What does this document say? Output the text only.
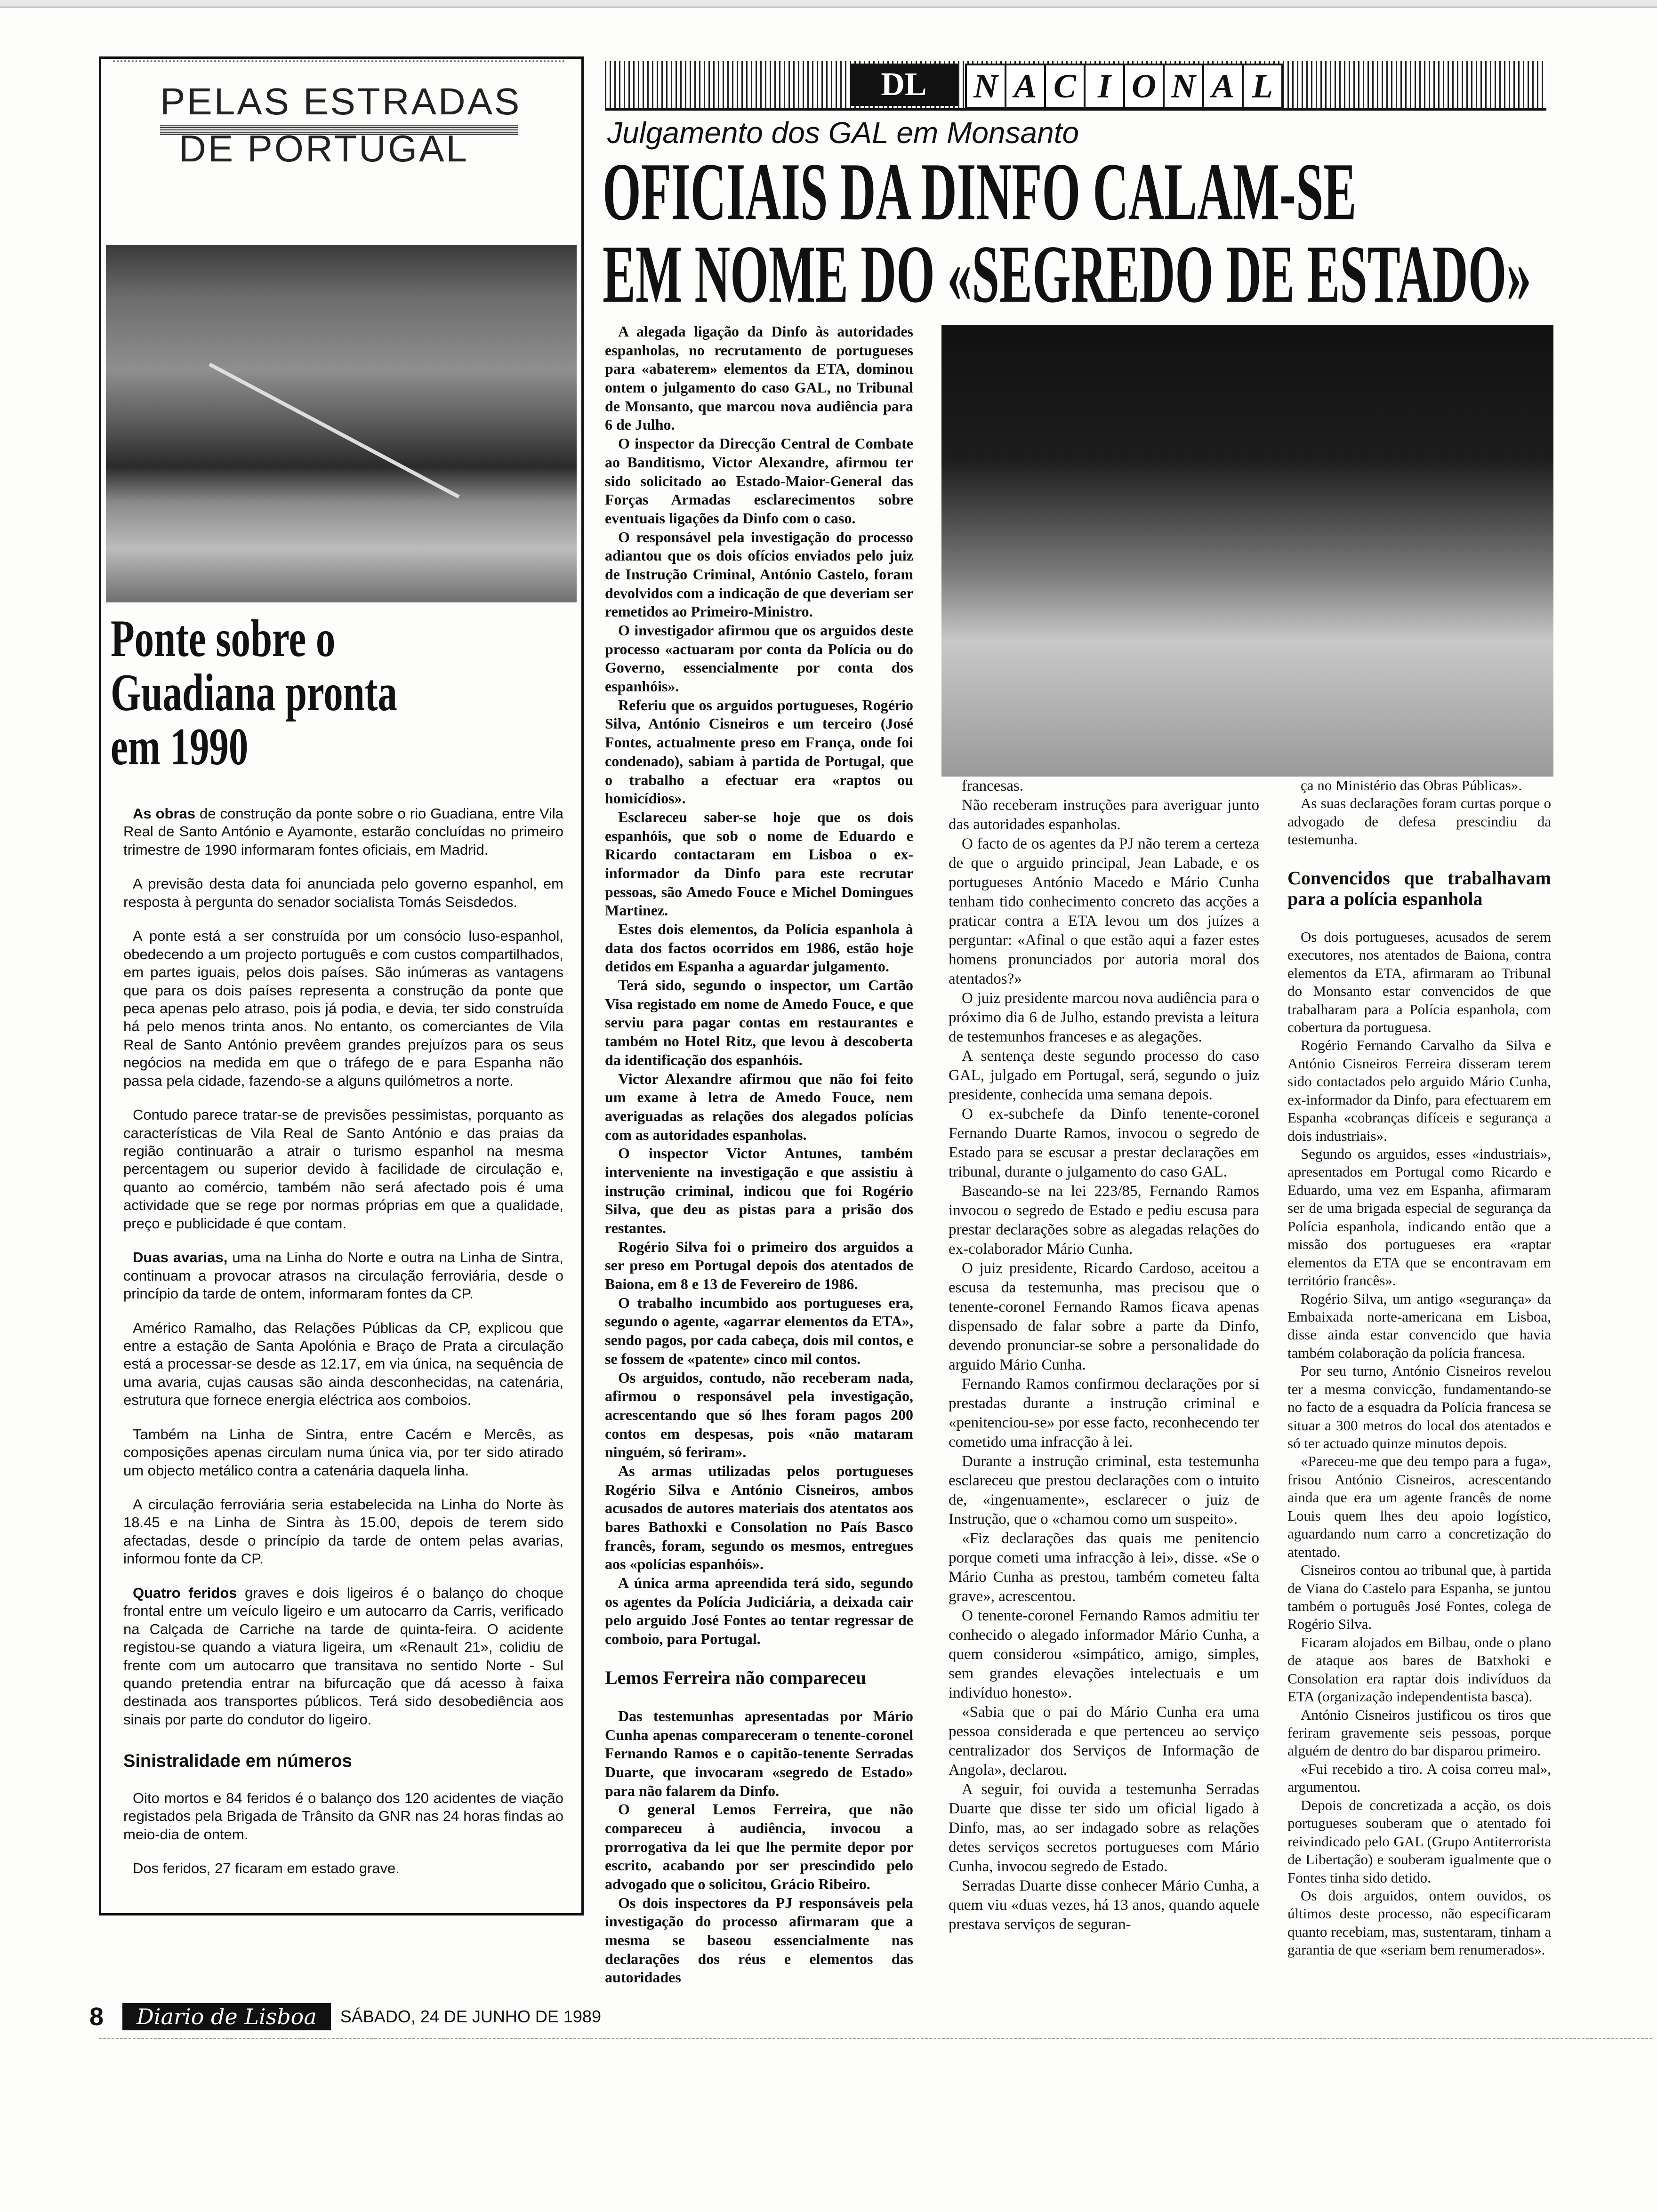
PELAS ESTRADAS
DE PORTUGAL
Ponte sobre o Guadiana pronta em 1990

As obras de construção da ponte sobre o rio Guadiana, entre Vila Real de Santo António e Ayamonte, estarão concluídas no primeiro trimestre de 1990 informaram fontes oficiais, em Madrid.

A previsão desta data foi anunciada pelo governo espanhol, em resposta à pergunta do senador socialista Tomás Seisdedos.

A ponte está a ser construída por um consócio luso-espanhol, obedecendo a um projecto português e com custos compartilhados, em partes iguais, pelos dois países. São inúmeras as vantagens que para os dois países representa a construção da ponte que peca apenas pelo atraso, pois já podia, e devia, ter sido construída há pelo menos trinta anos. No entanto, os comerciantes de Vila Real de Santo António prevêem grandes prejuízos para os seus negócios na medida em que o tráfego de e para Espanha não passa pela cidade, fazendo-se a alguns quilómetros a norte.

Contudo parece tratar-se de previsões pessimistas, porquanto as características de Vila Real de Santo António e das praias da região continuarão a atrair o turismo espanhol na mesma percentagem ou superior devido à facilidade de circulação e, quanto ao comércio, também não será afectado pois é uma actividade que se rege por normas próprias em que a qualidade, preço e publicidade é que contam.

Duas avarias, uma na Linha do Norte e outra na Linha de Sintra, continuam a provocar atrasos na circulação ferroviária, desde o princípio da tarde de ontem, informaram fontes da CP.

Américo Ramalho, das Relações Públicas da CP, explicou que entre a estação de Santa Apolónia e Braço de Prata a circulação está a processar-se desde as 12.17, em via única, na sequência de uma avaria, cujas causas são ainda desconhecidas, na catenária, estrutura que fornece energia eléctrica aos comboios.

Também na Linha de Sintra, entre Cacém e Mercês, as composições apenas circulam numa única via, por ter sido atirado um objecto metálico contra a catenária daquela linha.

A circulação ferroviária seria estabelecida na Linha do Norte às 18.45 e na Linha de Sintra às 15.00, depois de terem sido afectadas, desde o princípio da tarde de ontem pelas avarias, informou fonte da CP.

Quatro feridos graves e dois ligeiros é o balanço do choque frontal entre um veículo ligeiro e um autocarro da Carris, verificado na Calçada de Carriche na tarde de quinta-feira. O acidente registou-se quando a viatura ligeira, um «Renault 21», colidiu de frente com um autocarro que transitava no sentido Norte - Sul quando pretendia entrar na bifurcação que dá acesso à faixa destinada aos transportes públicos. Terá sido desobediência aos sinais por parte do condutor do ligeiro.

Sinistralidade em números

Oito mortos e 84 feridos é o balanço dos 120 acidentes de viação registados pela Brigada de Trânsito da GNR nas 24 horas findas ao meio-dia de ontem.

Dos feridos, 27 ficaram em estado grave.

DL	N A C I O N A L
Julgamento dos GAL em Monsanto
OFICIAIS DA DINFO CALAM-SE
EM NOME DO «SEGREDO DE ESTADO»

A alegada ligação da Dinfo às autoridades espanholas, no recrutamento de portugueses para «abaterem» elementos da ETA, dominou ontem o julgamento do caso GAL, no Tribunal de Monsanto, que marcou nova audiência para 6 de Julho.

O inspector da Direcção Central de Combate ao Banditismo, Victor Alexandre, afirmou ter sido solicitado ao Estado-Maior-General das Forças Armadas esclarecimentos sobre eventuais ligações da Dinfo com o caso.

O responsável pela investigação do processo adiantou que os dois ofícios enviados pelo juiz de Instrução Criminal, António Castelo, foram devolvidos com a indicação de que deveriam ser remetidos ao Primeiro-Ministro.

O investigador afirmou que os arguidos deste processo «actuaram por conta da Polícia ou do Governo, essencialmente por conta dos espanhóis».

Referiu que os arguidos portugueses, Rogério Silva, António Cisneiros e um terceiro (José Fontes, actualmente preso em França, onde foi condenado), sabiam à partida de Portugal, que o trabalho a efectuar era «raptos ou homicídios».

Esclareceu saber-se hoje que os dois espanhóis, que sob o nome de Eduardo e Ricardo contactaram em Lisboa o ex-informador da Dinfo para este recrutar pessoas, são Amedo Fouce e Michel Domingues Martinez.

Estes dois elementos, da Polícia espanhola à data dos factos ocorridos em 1986, estão hoje detidos em Espanha a aguardar julgamento.

Terá sido, segundo o inspector, um Cartão Visa registado em nome de Amedo Fouce, e que serviu para pagar contas em restaurantes e também no Hotel Ritz, que levou à descoberta da identificação dos espanhóis.

Victor Alexandre afirmou que não foi feito um exame à letra de Amedo Fouce, nem averiguadas as relações dos alegados polícias com as autoridades espanholas.

O inspector Victor Antunes, também interveniente na investigação e que assistiu à instrução criminal, indicou que foi Rogério Silva, que deu as pistas para a prisão dos restantes.

Rogério Silva foi o primeiro dos arguidos a ser preso em Portugal depois dos atentados de Baiona, em 8 e 13 de Fevereiro de 1986.

O trabalho incumbido aos portugueses era, segundo o agente, «agarrar elementos da ETA», sendo pagos, por cada cabeça, dois mil contos, e se fossem de «patente» cinco mil contos.

Os arguidos, contudo, não receberam nada, afirmou o responsável pela investigação, acrescentando que só lhes foram pagos 200 contos em despesas, pois «não mataram ninguém, só feriram».

As armas utilizadas pelos portugueses Rogério Silva e António Cisneiros, ambos acusados de autores materiais dos atentatos aos bares Bathoxki e Consolation no País Basco francês, foram, segundo os mesmos, entregues aos «polícias espanhóis».

A única arma apreendida terá sido, segundo os agentes da Polícia Judiciária, a deixada cair pelo arguido José Fontes ao tentar regressar de comboio, para Portugal.

Lemos Ferreira não compareceu

Das testemunhas apresentadas por Mário Cunha apenas compareceram o tenente-coronel Fernando Ramos e o capitão-tenente Serradas Duarte, que invocaram «segredo de Estado» para não falarem da Dinfo.

O general Lemos Ferreira, que não compareceu à audiência, invocou a prorrogativa da lei que lhe permite depor por escrito, acabando por ser prescindido pelo advogado que o solicitou, Grácio Ribeiro.

Os dois inspectores da PJ responsáveis pela investigação do processo afirmaram que a mesma se baseou essencialmente nas declarações dos réus e elementos das autoridades

francesas.

Não receberam instruções para averiguar junto das autoridades espanholas.

O facto de os agentes da PJ não terem a certeza de que o arguido principal, Jean Labade, e os portugueses António Macedo e Mário Cunha tenham tido conhecimento concreto das acções a praticar contra a ETA levou um dos juízes a perguntar: «Afinal o que estão aqui a fazer estes homens pronunciados por autoria moral dos atentados?»

O juiz presidente marcou nova audiência para o próximo dia 6 de Julho, estando prevista a leitura de testemunhos franceses e as alegações.

A sentença deste segundo processo do caso GAL, julgado em Portugal, será, segundo o juiz presidente, conhecida uma semana depois.

O ex-subchefe da Dinfo tenente-coronel Fernando Duarte Ramos, invocou o segredo de Estado para se escusar a prestar declarações em tribunal, durante o julgamento do caso GAL.

Baseando-se na lei 223/85, Fernando Ramos invocou o segredo de Estado e pediu escusa para prestar declarações sobre as alegadas relações do ex-colaborador Mário Cunha.

O juiz presidente, Ricardo Cardoso, aceitou a escusa da testemunha, mas precisou que o tenente-coronel Fernando Ramos ficava apenas dispensado de falar sobre a parte da Dinfo, devendo pronunciar-se sobre a personalidade do arguido Mário Cunha.

Fernando Ramos confirmou declarações por si prestadas durante a instrução criminal e «penitenciou-se» por esse facto, reconhecendo ter cometido uma infracção à lei.

Durante a instrução criminal, esta testemunha esclareceu que prestou declarações com o intuito de, «ingenuamente», esclarecer o juiz de Instrução, que o «chamou como um suspeito».

«Fiz declarações das quais me penitencio porque cometi uma infracção à lei», disse. «Se o Mário Cunha as prestou, também cometeu falta grave», acrescentou.

O tenente-coronel Fernando Ramos admitiu ter conhecido o alegado informador Mário Cunha, a quem considerou «simpático, amigo, simples, sem grandes elevações intelectuais e um indivíduo honesto».

«Sabia que o pai do Mário Cunha era uma pessoa considerada e que pertenceu ao serviço centralizador dos Serviços de Informação de Angola», declarou.

A seguir, foi ouvida a testemunha Serradas Duarte que disse ter sido um oficial ligado à Dinfo, mas, ao ser indagado sobre as relações detes serviços secretos portugueses com Mário Cunha, invocou segredo de Estado.

Serradas Duarte disse conhecer Mário Cunha, a quem viu «duas vezes, há 13 anos, quando aquele prestava serviços de seguran-

ça no Ministério das Obras Públicas».

As suas declarações foram curtas porque o advogado de defesa prescindiu da testemunha.

Convencidos que trabalhavam para a polícia espanhola

Os dois portugueses, acusados de serem executores, nos atentados de Baiona, contra elementos da ETA, afirmaram ao Tribunal do Monsanto estar convencidos de que trabalharam para a Polícia espanhola, com cobertura da portuguesa.

Rogério Fernando Carvalho da Silva e António Cisneiros Ferreira disseram terem sido contactados pelo arguido Mário Cunha, ex-informador da Dinfo, para efectuarem em Espanha «cobranças difíceis e segurança a dois industriais».

Segundo os arguidos, esses «industriais», apresentados em Portugal como Ricardo e Eduardo, uma vez em Espanha, afirmaram ser de uma brigada especial de segurança da Polícia espanhola, indicando então que a missão dos portugueses era «raptar elementos da ETA que se encontravam em território francês».

Rogério Silva, um antigo «segurança» da Embaixada norte-americana em Lisboa, disse ainda estar convencido que havia também colaboração da polícia francesa.

Por seu turno, António Cisneiros revelou ter a mesma convicção, fundamentando-se no facto de a esquadra da Polícia francesa se situar a 300 metros do local dos atentados e só ter actuado quinze minutos depois.

«Pareceu-me que deu tempo para a fuga», frisou António Cisneiros, acrescentando ainda que era um agente francês de nome Louis quem lhes deu apoio logístico, aguardando num carro a concretização do atentado.

Cisneiros contou ao tribunal que, à partida de Viana do Castelo para Espanha, se juntou também o português José Fontes, colega de Rogério Silva.

Ficaram alojados em Bilbau, onde o plano de ataque aos bares de Batxhoki e Consolation era raptar dois indivíduos da ETA (organização independentista basca).

António Cisneiros justificou os tiros que feriram gravemente seis pessoas, porque alguém de dentro do bar disparou primeiro.

«Fui recebido a tiro. A coisa correu mal», argumentou.

Depois de concretizada a acção, os dois portugueses souberam que o atentado foi reivindicado pelo GAL (Grupo Antiterrorista de Libertação) e souberam igualmente que o Fontes tinha sido detido.

Os dois arguidos, ontem ouvidos, os últimos deste processo, não especificaram quanto recebiam, mas, sustentaram, tinham a garantia de que «seriam bem renumerados».

8	Diario de Lisboa	SÁBADO, 24 DE JUNHO DE 1989
